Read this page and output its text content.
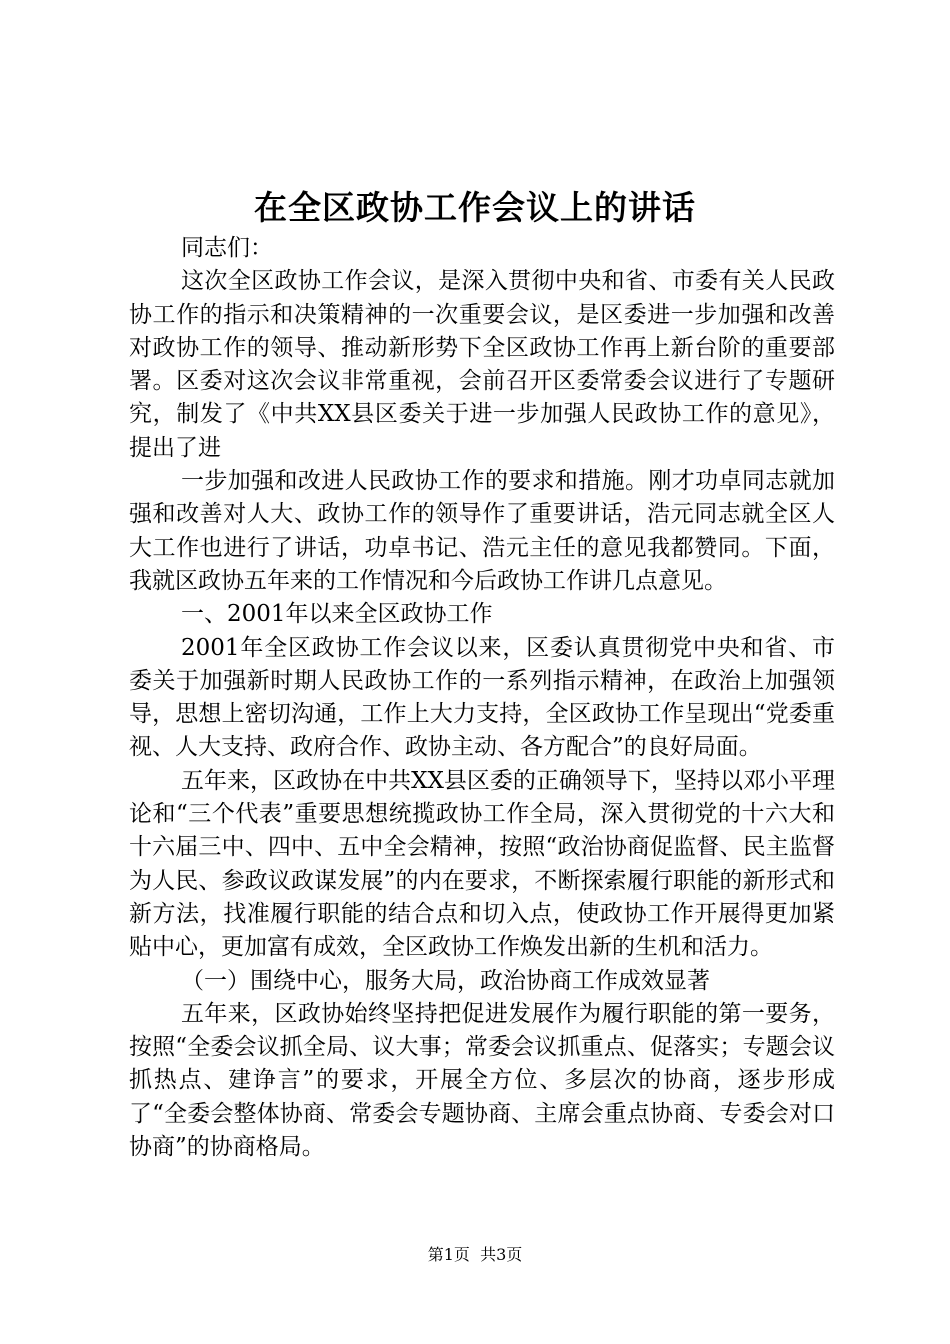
在全区政协工作会议上的讲话

同志们：

这次全区政协工作会议，是深入贯彻中央和省、市委有关人民政协工作的指示和决策精神的一次重要会议，是区委进一步加强和改善对政协工作的领导、推动新形势下全区政协工作再上新台阶的重要部署。区委对这次会议非常重视，会前召开区委常委会议进行了专题研究，制发了《中共XX县区委关于进一步加强人民政协工作的意见》，提出了进

一步加强和改进人民政协工作的要求和措施。刚才功卓同志就加强和改善对人大、政协工作的领导作了重要讲话，浩元同志就全区人大工作也进行了讲话，功卓书记、浩元主任的意见我都赞同。下面，我就区政协五年来的工作情况和今后政协工作讲几点意见。

一、2001年以来全区政协工作

2001年全区政协工作会议以来，区委认真贯彻党中央和省、市委关于加强新时期人民政协工作的一系列指示精神，在政治上加强领导，思想上密切沟通，工作上大力支持，全区政协工作呈现出“党委重视、人大支持、政府合作、政协主动、各方配合”的良好局面。

五年来，区政协在中共XX县区委的正确领导下，坚持以邓小平理论和“三个代表”重要思想统揽政协工作全局，深入贯彻党的十六大和十六届三中、四中、五中全会精神，按照“政治协商促监督、民主监督为人民、参政议政谋发展”的内在要求，不断探索履行职能的新形式和新方法，找准履行职能的结合点和切入点，使政协工作开展得更加紧贴中心，更加富有成效，全区政协工作焕发出新的生机和活力。

（一）围绕中心，服务大局，政治协商工作成效显著

五年来，区政协始终坚持把促进发展作为履行职能的第一要务，按照“全委会议抓全局、议大事；常委会议抓重点、促落实；专题会议抓热点、建诤言”的要求，开展全方位、多层次的协商，逐步形成了“全委会整体协商、常委会专题协商、主席会重点协商、专委会对口协商”的协商格局。

第1页  共3页
